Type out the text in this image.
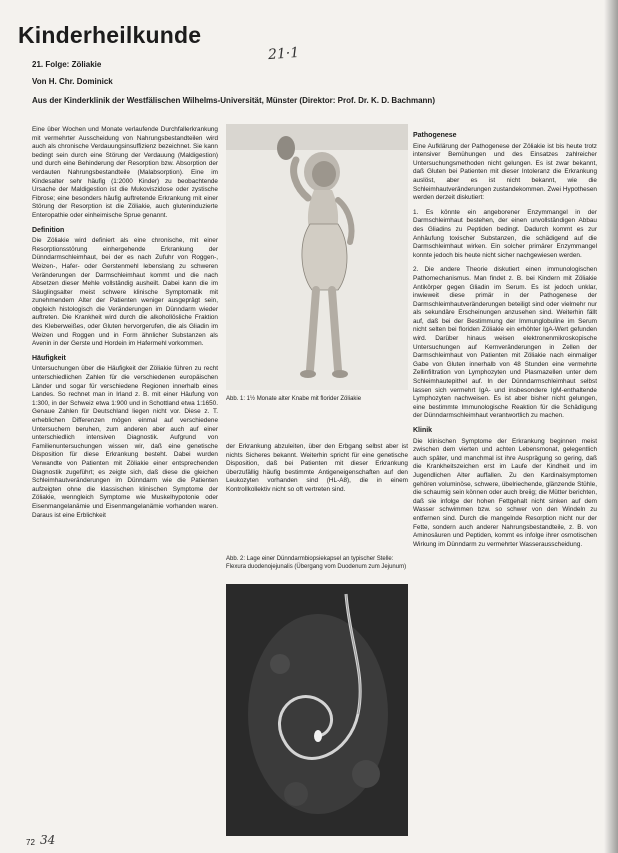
Kinderheilkunde
21·1
21. Folge: Zöliakie
Von H. Chr. Dominick
Aus der Kinderklinik der Westfälischen Wilhelms-Universität, Münster (Direktor: Prof. Dr. K. D. Bachmann)

Eine über Wochen und Monate verlaufende Durchfallerkrankung mit vermehrter Ausscheidung von Nahrungsbestandteilen wird auch als chronische Verdauungsinsuffizienz bezeichnet. Sie kann bedingt sein durch eine Störung der Verdauung (Maldigestion) und durch eine Behinderung der Resorption bzw. Absorption der verdauten Nahrungsbestandteile (Malabsorption). Eine im Kindesalter sehr häufig (1:2000 Kinder) zu beobachtende Ursache der Maldigestion ist die Mukoviszidose oder zystische Fibrose; eine besonders häufig auftretende Erkrankung mit einer Störung der Resorption ist die Zöliakie, auch gluteninduzierte Enteropathie oder einheimische Sprue genannt.

Definition

Die Zöliakie wird definiert als eine chronische, mit einer Resorptionsstörung einhergehende Erkrankung der Dünndarmschleimhaut, bei der es nach Zufuhr von Roggen-, Weizen-, Hafer- oder Gerstenmehl lebenslang zu schweren Veränderungen der Darmschleimhaut kommt und die nach Absetzen dieser Mehle vollständig ausheilt. Dabei kann die im Säuglingsalter meist schwere klinische Symptomatik mit zunehmendem Alter der Patienten weniger ausgeprägt sein, obgleich histologisch die Veränderungen im Dünndarm wieder auftreten. Die Krankheit wird durch die alkohollösliche Fraktion des Kleberweißes, oder Gluten hervorgerufen, die als Gliadin im Weizen und Roggen und in Form ähnlicher Substanzen als Avenin in der Gerste und Hordein im Hafermehl vorkommen.

Häufigkeit

Untersuchungen über die Häufigkeit der Zöliakie führen zu recht unterschiedlichen Zahlen für die verschiedenen europäischen Länder und sogar für verschiedene Regionen innerhalb eines Landes. So rechnet man in Irland z. B. mit einer Häufung von 1:300, in der Schweiz etwa 1:900 und in Schottland etwa 1:1650. Genaue Zahlen für Deutschland liegen nicht vor. Diese z. T. erheblichen Differenzen mögen einmal auf verschiedene Untersuchern beruhen, zum anderen aber auch auf einer unterschiedlich intensiven Diagnostik. Aufgrund von Familienuntersuchungen wissen wir, daß eine genetische Disposition für diese Erkrankung besteht. Dabei wurden Verwandte von Patienten mit Zöliakie einer entsprechenden Diagnostik zugeführt; es zeigte sich, daß diese die gleichen Schleimhautveränderungen im Dünndarm wie die Patienten aufzeigten ohne die klassischen klinischen Symptome der Zöliakie, wenngleich Symptome wie Muskelhypotonie oder Eisenmangelanämie und Eisenmangelanämie vorhanden waren. Daraus ist eine Erblichkeit

Abb. 1: 1½ Monate alter Knabe mit florider Zöliakie

der Erkrankung abzuleiten, über den Erbgang selbst aber ist nichts Sicheres bekannt. Weiterhin spricht für eine genetische Disposition, daß bei Patienten mit dieser Erkrankung überzufällig häufig bestimmte Antigeneigenschaften auf den Leukozyten vorhanden sind (HL-A8), die in einem Kontrollkollektiv nicht so oft vertreten sind.

Abb. 2: Lage einer Dünndarmbiopsiekapsel an typischer Stelle: Flexura duodenojejunalis (Übergang vom Duodenum zum Jejunum)
Pathogenese

Eine Aufklärung der Pathogenese der Zöliakie ist bis heute trotz intensiver Bemühungen und des Einsatzes zahlreicher Untersuchungsmethoden nicht gelungen. Es ist zwar bekannt, daß Gluten bei Patienten mit dieser Intoleranz die Erkrankung auslöst, aber es ist nicht bekannt, wie die Schleimhautveränderungen zustandekommen. Zwei Hypothesen werden derzeit diskutiert:

1. Es könnte ein angeborener Enzymmangel in der Darmschleimhaut bestehen, der einen unvollständigen Abbau des Gliadins zu Peptiden bedingt. Dadurch kommt es zur Anhäufung toxischer Substanzen, die schädigend auf die Darmschleimhaut wirken. Ein solcher primärer Enzymmangel konnte jedoch bis heute nicht sicher nachgewiesen werden.

2. Die andere Theorie diskutiert einen immunologischen Pathomechanismus. Man findet z. B. bei Kindern mit Zöliakie Antikörper gegen Gliadin im Serum. Es ist jedoch unklar, inwieweit diese primär in der Pathogenese der Darmschleimhautveränderungen beteiligt sind oder vielmehr nur als sekundäre Erscheinungen anzusehen sind. Weiterhin fällt auf, daß bei der Bestimmung der Immunglobuline im Serum nicht selten bei floriden Zöliakie ein erhöhter IgA-Wert gefunden wird. Darüber hinaus weisen elektronenmikroskopische Untersuchungen auf Kernveränderungen in Zellen der Darmschleimhaut von Patienten mit Zöliakie nach einmaliger Gabe von Gluten innerhalb von 48 Stunden eine vermehrte Zellinfiltration von Lymphozyten und Plasmazellen unter dem Schleimhautepithel auf. In der Dünndarmschleimhaut selbst lassen sich vermehrt IgA- und insbesondere IgM-enthaltende Lymphozyten nachweisen. Es ist aber bisher nicht gelungen, eine bestimmte Immunologische Reaktion für die Schädigung der Dünndarmschleimhaut verantwortlich zu machen.

Klinik

Die klinischen Symptome der Erkrankung beginnen meist zwischen dem vierten und achten Lebensmonat, gelegentlich auch später, und manchmal ist ihre Ausprägung so gering, daß die Krankheitszeichen erst im Laufe der Kindheit und im Jugendlichen Alter auffallen. Zu den Kardinalsymptomen gehören voluminöse, schwere, übelriechende, glänzende Stühle, die schaumig sein können oder auch breiig; die Mütter berichten, daß sie infolge der hohen Fettgehalt nicht sinken auf dem Wasser schwimmen bzw. so schwer von den Windeln zu entfernen sind. Durch die mangelnde Resorption nicht nur der Fette, sondern auch anderer Nahrungsbestandteile, z. B. von Aminosäuren und Peptiden, kommt es infolge ihrer osmotischen Wirkung im Dünndarm zu vermehrter Wasserausscheidung.

72 34
